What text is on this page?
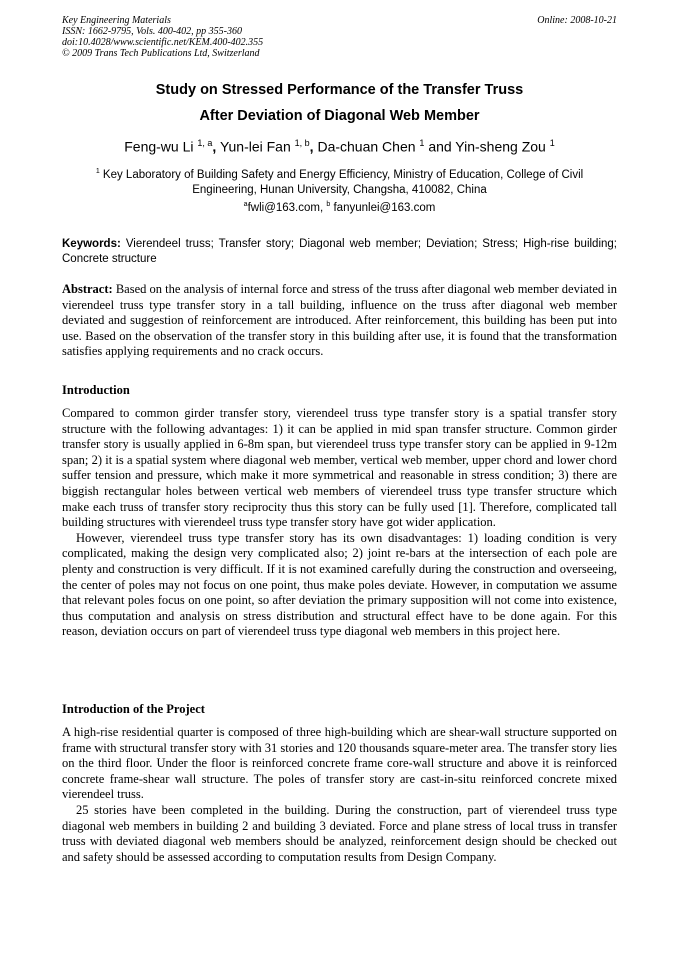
Key Engineering Materials
ISSN: 1662-9795, Vols. 400-402, pp 355-360
doi:10.4028/www.scientific.net/KEM.400-402.355
© 2009 Trans Tech Publications Ltd, Switzerland
Online: 2008-10-21
Study on Stressed Performance of the Transfer Truss
After Deviation of Diagonal Web Member
Feng-wu Li $^{1, a}$, Yun-lei Fan $^{1, b}$, Da-chuan Chen $^1$ and Yin-sheng Zou $^1$
$^1$ Key Laboratory of Building Safety and Energy Efficiency, Ministry of Education, College of Civil Engineering, Hunan University, Changsha, 410082, China
$^a$fwli@163.com, $^b$ fanyunlei@163.com
Keywords: Vierendeel truss; Transfer story; Diagonal web member; Deviation; Stress; High-rise building; Concrete structure
Abstract: Based on the analysis of internal force and stress of the truss after diagonal web member deviated in vierendeel truss type transfer story in a tall building, influence on the truss after diagonal web member deviated and suggestion of reinforcement are introduced. After reinforcement, this building has been put into use. Based on the observation of the transfer story in this building after use, it is found that the transformation satisfies applying requirements and no crack occurs.
Introduction

Compared to common girder transfer story, vierendeel truss type transfer story is a spatial transfer story structure with the following advantages: 1) it can be applied in mid span transfer structure. Common girder transfer story is usually applied in 6-8m span, but vierendeel truss type transfer story can be applied in 9-12m span; 2) it is a spatial system where diagonal web member, vertical web member, upper chord and lower chord suffer tension and pressure, which make it more symmetrical and reasonable in stress condition; 3) there are biggish rectangular holes between vertical web members of vierendeel truss type transfer structure which make each truss of transfer story reciprocity thus this story can be fully used [1]. Therefore, complicated tall building structures with vierendeel truss type transfer story have got wider application.

However, vierendeel truss type transfer story has its own disadvantages: 1) loading condition is very complicated, making the design very complicated also; 2) joint re-bars at the intersection of each pole are plenty and construction is very difficult. If it is not examined carefully during the construction and overseeing, the center of poles may not focus on one point, thus make poles deviate. However, in computation we assume that relevant poles focus on one point, so after deviation the primary supposition will not come into existence, thus computation and analysis on stress distribution and structural effect have to be done again. For this reason, deviation occurs on part of vierendeel truss type diagonal web members in this project here.

Introduction of the Project

A high-rise residential quarter is composed of three high-building which are shear-wall structure supported on frame with structural transfer story with 31 stories and 120 thousands square-meter area. The transfer story lies on the third floor. Under the floor is reinforced concrete frame core-wall structure and above it is reinforced concrete frame-shear wall structure. The poles of transfer story are cast-in-situ reinforced concrete mixed vierendeel truss.

25 stories have been completed in the building. During the construction, part of vierendeel truss type diagonal web members in building 2 and building 3 deviated. Force and plane stress of local truss in transfer truss with deviated diagonal web members should be analyzed, reinforcement design should be checked out and safety should be assessed according to computation results from Design Company.
